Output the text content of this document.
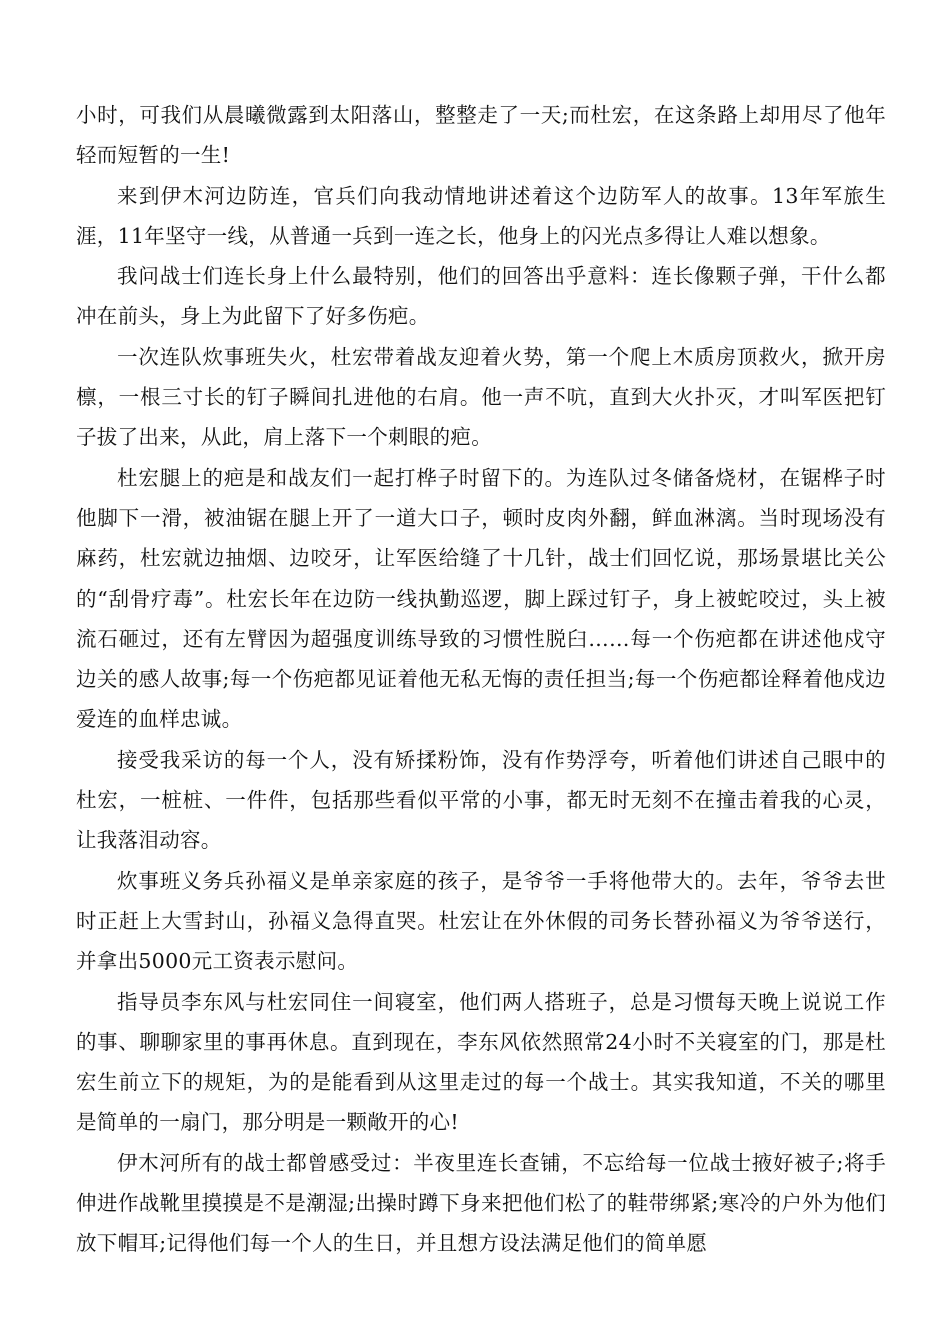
小时，可我们从晨曦微露到太阳落山，整整走了一天;而杜宏，在这条路上却用尽了他年轻而短暂的一生!

来到伊木河边防连，官兵们向我动情地讲述着这个边防军人的故事。13年军旅生涯，11年坚守一线，从普通一兵到一连之长，他身上的闪光点多得让人难以想象。

我问战士们连长身上什么最特别，他们的回答出乎意料：连长像颗子弹，干什么都冲在前头，身上为此留下了好多伤疤。

一次连队炊事班失火，杜宏带着战友迎着火势，第一个爬上木质房顶救火，掀开房檩，一根三寸长的钉子瞬间扎进他的右肩。他一声不吭，直到大火扑灭，才叫军医把钉子拔了出来，从此，肩上落下一个刺眼的疤。

杜宏腿上的疤是和战友们一起打桦子时留下的。为连队过冬储备烧材，在锯桦子时他脚下一滑，被油锯在腿上开了一道大口子，顿时皮肉外翻，鲜血淋漓。当时现场没有麻药，杜宏就边抽烟、边咬牙，让军医给缝了十几针，战士们回忆说，那场景堪比关公的“刮骨疗毒”。杜宏长年在边防一线执勤巡逻，脚上踩过钉子，身上被蛇咬过，头上被流石砸过，还有左臂因为超强度训练导致的习惯性脱臼……每一个伤疤都在讲述他戍守边关的感人故事;每一个伤疤都见证着他无私无悔的责任担当;每一个伤疤都诠释着他戍边爱连的血样忠诚。

接受我采访的每一个人，没有矫揉粉饰，没有作势浮夸，听着他们讲述自己眼中的杜宏，一桩桩、一件件，包括那些看似平常的小事，都无时无刻不在撞击着我的心灵，让我落泪动容。

炊事班义务兵孙福义是单亲家庭的孩子，是爷爷一手将他带大的。去年，爷爷去世时正赶上大雪封山，孙福义急得直哭。杜宏让在外休假的司务长替孙福义为爷爷送行，并拿出5000元工资表示慰问。

指导员李东风与杜宏同住一间寝室，他们两人搭班子，总是习惯每天晚上说说工作的事、聊聊家里的事再休息。直到现在，李东风依然照常24小时不关寝室的门，那是杜宏生前立下的规矩，为的是能看到从这里走过的每一个战士。其实我知道，不关的哪里是简单的一扇门，那分明是一颗敞开的心!

伊木河所有的战士都曾感受过：半夜里连长查铺，不忘给每一位战士掖好被子;将手伸进作战靴里摸摸是不是潮湿;出操时蹲下身来把他们松了的鞋带绑紧;寒冷的户外为他们放下帽耳;记得他们每一个人的生日，并且想方设法满足他们的简单愿
